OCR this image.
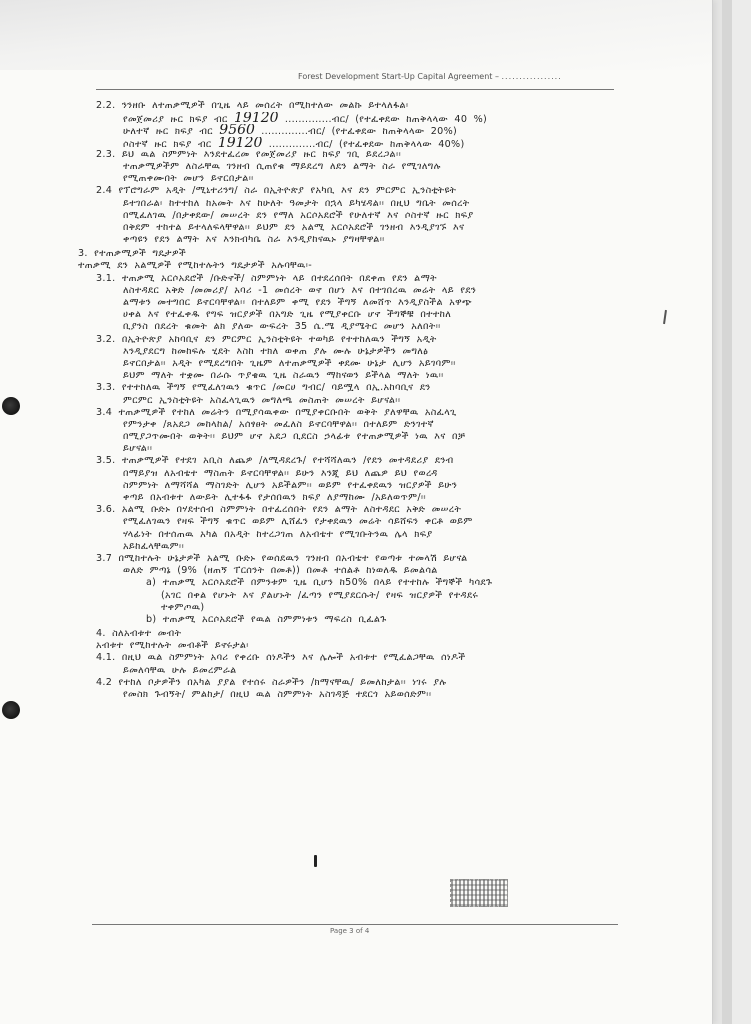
Forest Development Start-Up Capital Agreement – .................
2.2. ንንዘቡ ለተጠቃሚዎች በጊዜ ላይ መሰረት በሚከተለው መልኩ ይተላለፋል፡
የመጀመሪያ ዙር ክፍያ ብር 19120 ..............ብር/ (የተፈቀደው ከጠቅላላው 40 %)
ሁለተኛ ዙር ክፍያ ብር 9560 ..............ብር/ (የተፈቀደው ከጠቅላላው 20%)
ሶስተኛ ዙር ክፍያ ብር 19120 ..............ብር/ (የተፈቀደው ከጠቅላላው 40%)
2.3. ይህ ዉል ስምምነት እንደተፈረመ የመጀመሪያ ዙር ክፍያ ገቢ ይደረጋል፡፡
ተጠቃሚዎችም ለስራቸዉ ገንዘብ ሲጠየቁ ማይደረግ ለደን ልማት ስራ የሚገለግሉ
የሚጠቀሙበት መሆን ይኖርበታል፡፡
2.4 የፕሮግራም አዲት /ሚኒተሪንግ/ ስራ በኢትዮጵያ የአካቢ እና ደን ምርምር ኢንስቲትዩት
ይተገበራል፡ ከተተከለ ከአመት እና ከሁለት ዓመታት በኋላ ይካሄዳል፡፡ በዚህ ግቤት መሰረት
በሚፈለገዉ /በታቀደው/ መሠረት ደን የማለ አርሶአደሮች የሁለተኛ እና ሶስተኛ ዙር ክፍያ
በቅደም ተከተል ይተላለፍላቸዋል፡፡ ይህም ደን አልሚ አርሶአደሮች ገንዘብ እንዲያገኙ እና
ቀጣዩን የደን ልማት እና እንክብካቤ ስራ እንዲያከናዉኑ ያግዛቸዋል፡፡
3. የተጠቃሚዎች ግዴታዎች
ተጠቃሚ ደን አልሚዎች የሚከተሉትን ግዴታዎች አሉባቸዉ፡-
3.1. ተጠቃሚ አርሶአደሮች /ቡድኖች/ ስምምነት ላይ በተደረሰበት በደቀጠ የደን ልማት
ለስተዳደር አቅድ /መመሪያ/ አባሪ -1 መሰረት ወኖ በሆነ እና በተገበረዉ መሬት ላይ የደን
ልማቱን መተግበር ይኖርባቸዋል፡፡ በተለይም ቀሚ የደን ችግኝ ለመሸጥ እንዲያስችል አዋጭ
ሀቀል እና የተፈቀዱ የግፍ ዝርያዎች በአግድ ጊዜ የሚያቀርቡ ሆኖ ችግኞቹ በተተከለ
ቢያንስ በደረት ቁመት ልክ ያለው ውፍረት 35 ሴ.ሜ ዲያሜትር መሆን አለበት፡፡
3.2. በኢትዮጵያ አከባቢና ደን ምርምር ኢንስቲትዩት ተወካይ የተተከለዉን ችግኝ አዲት
እንዲያደርግ ከመከፍሉ ሂደት እስከ ተክለ ወቀጠ ያሉ ሙሉ ሁኔታዎችን መግለፅ
ይኖርበታል፡፡ አዲት የሚደረግበት ጊዜም ለተጠቃሚዎች ቀደሙ ሁኔታ ሊሆን አይገባም፡፡
ይህም ማለት ተቋሙ በራሱ ጥያቄዉ ጊዜ ስራዉን ማከናወን ይችላል ማለት ነዉ፡፡
3.3. የተተከለዉ ችግኝ የሚፈለገዉን ቁጥር /መርሀ ግብር/ ባይሟላ በኢ.አከባቢና ደን
ምርምር ኢንስቲትዩት አስፈላጊዉን መግለጫ መስጠት መሠረት ይሆናል፡፡
3.4 ተጠቃሚዎች የተከለ መሬትን በሚያሳዉቀው በሚያቀርቡበት ወቅት ያለዋቸዉ አስፈላጊ
የምንታቀ /ጸአደጋ መከላከል/ አሰፃፀት መፈለስ ይኖርባቸዋል፡፡ በተለይም ድንገተኛ
በሚያጋጥሙበት ወቅት፡፡ ይህም ሆኖ አደጋ ቢደርስ ኃላፊቱ የተጠቃሚዎች ነዉ እና በቻ
ይሆናል፡፡
3.5. ተጠቃሚዎች የተደገ አቢስ ለጨዎ /ለሚዳደረጉ/ የተሻሻለዉን /የደን መተዳደሪያ ደንብ
በማይያዝ ለአብቴተ ማስጠት ይኖርባቸዋል፡፡ ይሁን እንጂ ይህ ለጨዎ ይህ የወረዳ
ስምምነት ለማሻሻል ማስገድት ሊሆን አይችልም፡፡ ወይም የተፈቀደዉን ዝርያዎች ይሁን
ቀጣይ በአብቱተ ለውይት ሊተፋፋ የታሰበዉን ክፍያ ለያማከሙ /አይለወጥም/፡፡
3.6. አልሚ ቡድኑ በሃደተሰብ ስምምነት በተፈረሰበት የደን ልማት ለስተዳደር አቅድ መሠረት
የሚፈለገዉን የዛፍ ችግኝ ቁጥር ወይም ሊሸፈን የታቀደዉን መሬት ሳይሸፍን ቀርቶ ወይም
ሃላፊነት በተሰጠዉ አካል በአዲት ከተረጋገጠ ለአብቴተ የሚገቡትንዉ ሌላ ክፍያ
አይከፈላቸዉም፡፡
3.7 በሚከተሉት ሁኔታዎች አልሚ ቡድኑ የወሰደዉን ገንዘብ በአብቴተ የወጣቱ ተመላሽ ይሆናል
ወለድ ምጣኔ (9% (ዘጠኝ ፐርሰንት በመቶ)) በመቶ ተሰልቶ ከነወለዱ ይመልሳል
a) ተጠቃሚ አርሶአደሮች በምንቱም ጊዜ ቢሆን ከ50% በላይ የተተከሉ ችግኞች ካሳደጉ
(አገር በቀል የሆኑት እና ያልሆኑት /ፈጣን የሚያደርሱት/ የዛፍ ዝርያዎች የተዳደሩ
ተቀምጦዉ)
b) ተጠቃሚ አርሶአደሮች የዉል ስምምነቱን ማፍረስ ቢፈልጉ
4. ስለአብቱተ መብት
አብቱተ የሚከተሉት መብቶች ይኖሩታል፡
4.1. በዚህ ዉል ስምምነት አባሪ የቀረቡ ሰነዶችን እና ሌሎች አብቱተ የሚፈልጋቸዉ ሰነዶች
ይመለሳቸዉ ሁሉ ይመረምራል
4.2 የተከለ ቦታዎችን በአካል ያያል የተሰሩ ስራዎችን /ክማናቸዉ/ ይመለከታል፡፡ ነገሩ ያሉ
የመስክ ጉብኝት/ ምልከታ/ በዚህ ዉል ስምምነት አስገዳጅ ተደርጎ አይወሰድም፡፡
Page 3 of 4
